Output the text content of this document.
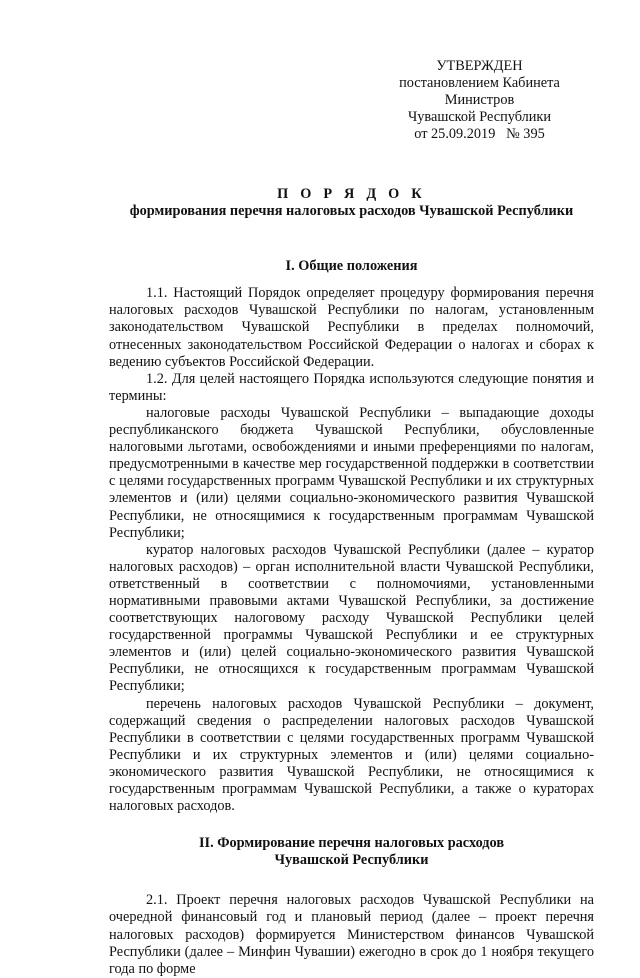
УТВЕРЖДЕН
постановлением Кабинета Министров
Чувашской Республики
от 25.09.2019   № 395
П О Р Я Д О К
формирования перечня налоговых расходов Чувашской Республики
I. Общие положения

1.1. Настоящий Порядок определяет процедуру формирования перечня налоговых расходов Чувашской Республики по налогам, установленным законодательством Чувашской Республики в пределах полномочий, отнесенных законодательством Российской Федерации о налогах и сборах к ведению субъектов Российской Федерации.

1.2. Для целей настоящего Порядка используются следующие понятия и термины:

налоговые расходы Чувашской Республики – выпадающие доходы республиканского бюджета Чувашской Республики, обусловленные налоговыми льготами, освобождениями и иными преференциями по налогам, предусмотренными в качестве мер государственной поддержки в соответствии с целями государственных программ Чувашской Республики и их структурных элементов и (или) целями социально-экономического развития Чувашской Республики, не относящимися к государственным программам Чувашской Республики;

куратор налоговых расходов Чувашской Республики (далее – куратор налоговых расходов) – орган исполнительной власти Чувашской Республики, ответственный в соответствии с полномочиями, установленными нормативными правовыми актами Чувашской Республики, за достижение соответствующих налоговому расходу Чувашской Республики целей государственной программы Чувашской Республики и ее структурных элементов и (или) целей социально-экономического развития Чувашской Республики, не относящихся к государственным программам Чувашской Республики;

перечень налоговых расходов Чувашской Республики – документ, содержащий сведения о распределении налоговых расходов Чувашской Республики в соответствии с целями государственных программ Чувашской Республики и их структурных элементов и (или) целями социально-экономического развития Чувашской Республики, не относящимися к государственным программам Чувашской Республики, а также о кураторах налоговых расходов.

II. Формирование перечня налоговых расходов
Чувашской Республики

2.1. Проект перечня налоговых расходов Чувашской Республики на очередной финансовый год и плановый период (далее – проект перечня налоговых расходов) формируется Министерством финансов Чувашской Республики (далее – Минфин Чувашии) ежегодно в срок до 1 ноября текущего года по форме
